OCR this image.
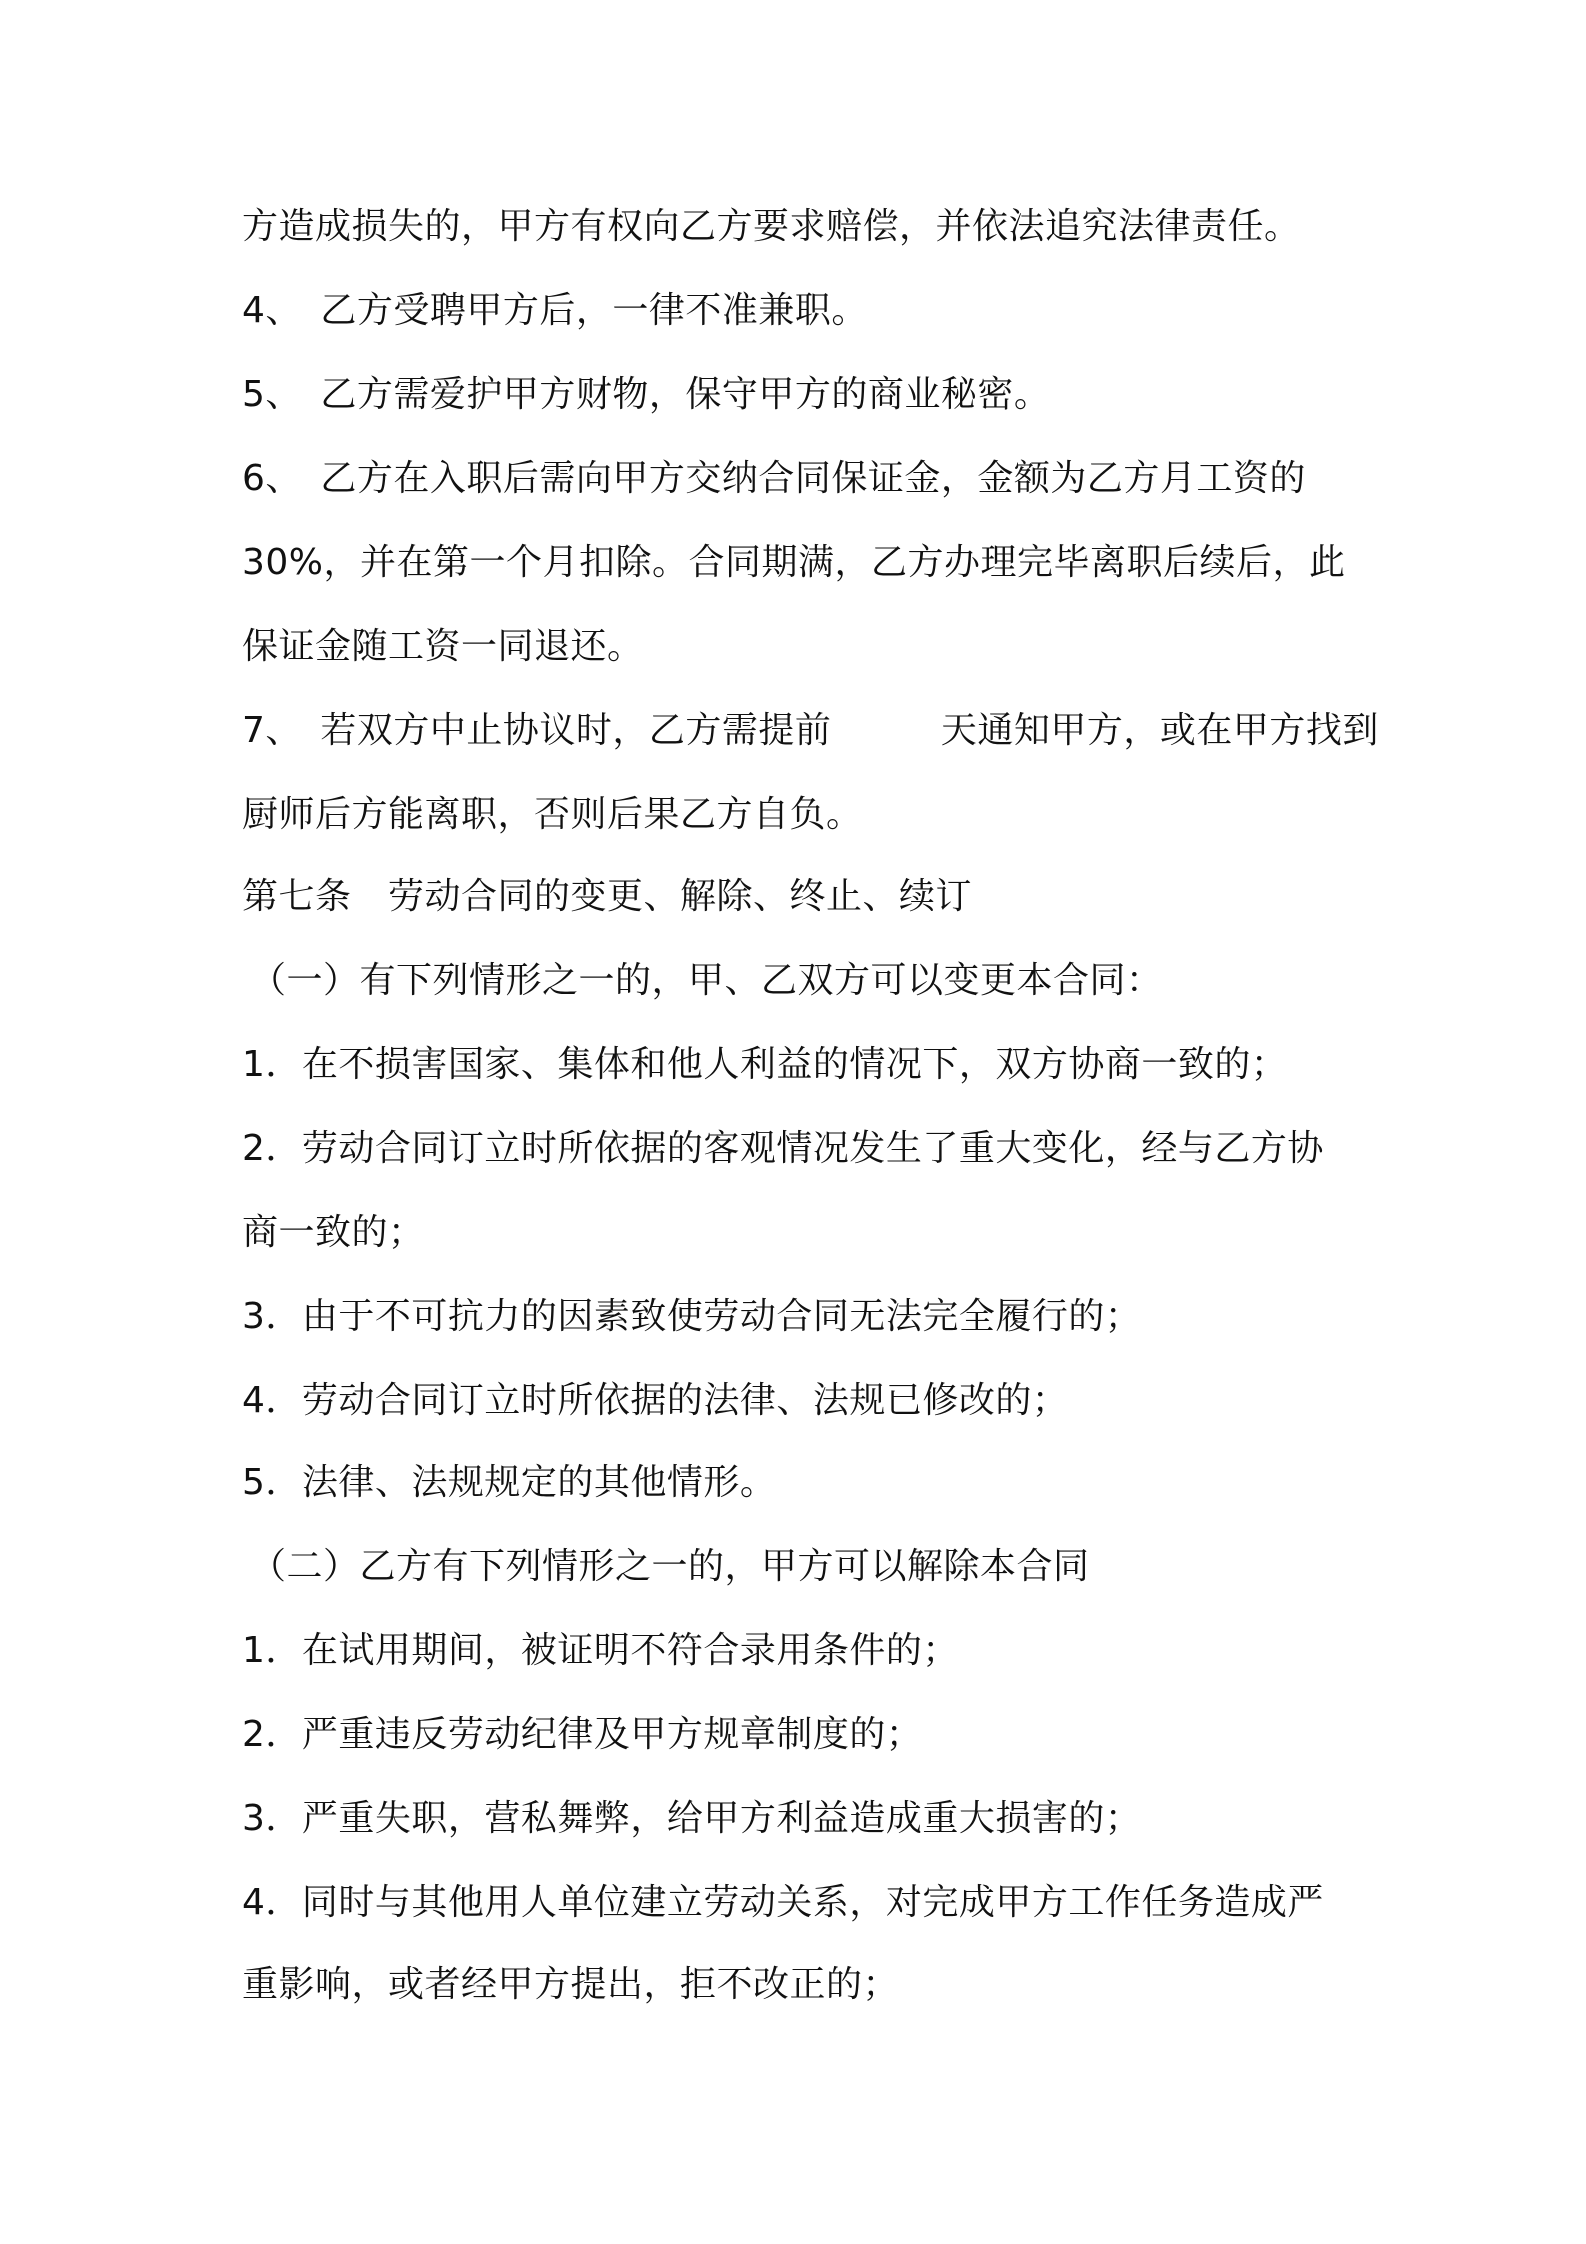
方造成损失的，甲方有权向乙方要求赔偿，并依法追究法律责任。
4、　乙方受聘甲方后，一律不准兼职。
5、　乙方需爱护甲方财物，保守甲方的商业秘密。
6、　乙方在入职后需向甲方交纳合同保证金，金额为乙方月工资的
30%，并在第一个月扣除。合同期满，乙方办理完毕离职后续后，此
保证金随工资一同退还。
7、　若双方中止协议时，乙方需提前　　　天通知甲方，或在甲方找到
厨师后方能离职，否则后果乙方自负。
第七条　劳动合同的变更、解除、终止、续订
（一）有下列情形之一的，甲、乙双方可以变更本合同：
1．在不损害国家、集体和他人利益的情况下，双方协商一致的；
2．劳动合同订立时所依据的客观情况发生了重大变化，经与乙方协
商一致的；
3．由于不可抗力的因素致使劳动合同无法完全履行的；
4．劳动合同订立时所依据的法律、法规已修改的；
5．法律、法规规定的其他情形。
（二）乙方有下列情形之一的，甲方可以解除本合同
1．在试用期间，被证明不符合录用条件的；
2．严重违反劳动纪律及甲方规章制度的；
3．严重失职，营私舞弊，给甲方利益造成重大损害的；
4．同时与其他用人单位建立劳动关系，对完成甲方工作任务造成严
重影响，或者经甲方提出，拒不改正的；
